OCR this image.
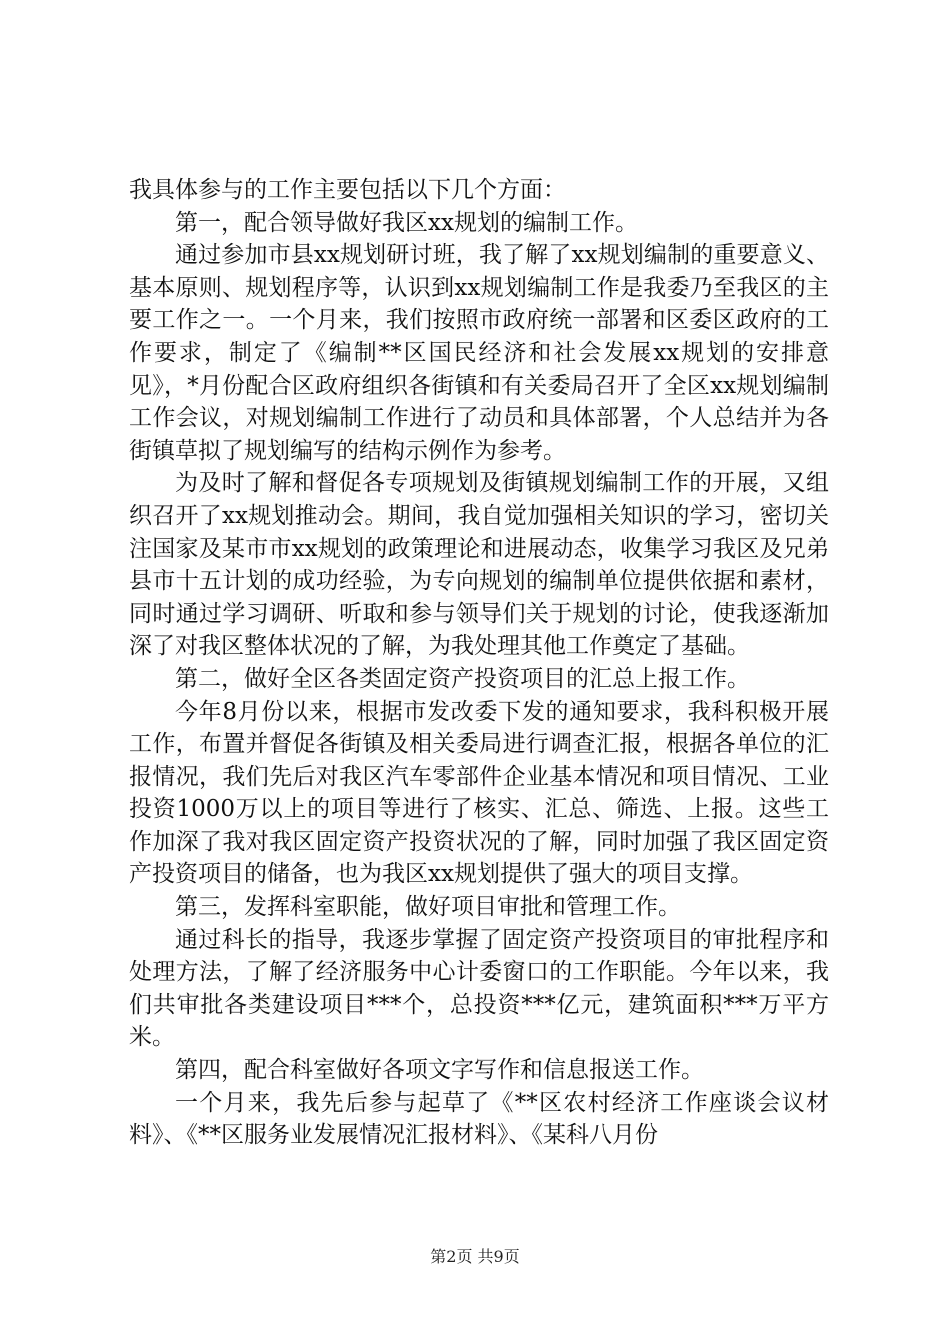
我具体参与的工作主要包括以下几个方面：

第一，配合领导做好我区xx规划的编制工作。

通过参加市县xx规划研讨班，我了解了xx规划编制的重要意义、基本原则、规划程序等，认识到xx规划编制工作是我委乃至我区的主要工作之一。一个月来，我们按照市政府统一部署和区委区政府的工作要求，制定了《编制**区国民经济和社会发展xx规划的安排意见》，*月份配合区政府组织各街镇和有关委局召开了全区xx规划编制工作会议，对规划编制工作进行了动员和具体部署，个人总结并为各街镇草拟了规划编写的结构示例作为参考。

为及时了解和督促各专项规划及街镇规划编制工作的开展，又组织召开了xx规划推动会。期间，我自觉加强相关知识的学习，密切关注国家及某市市xx规划的政策理论和进展动态，收集学习我区及兄弟县市十五计划的成功经验，为专向规划的编制单位提供依据和素材，同时通过学习调研、听取和参与领导们关于规划的讨论，使我逐渐加深了对我区整体状况的了解，为我处理其他工作奠定了基础。

第二，做好全区各类固定资产投资项目的汇总上报工作。

今年8月份以来，根据市发改委下发的通知要求，我科积极开展工作，布置并督促各街镇及相关委局进行调查汇报，根据各单位的汇报情况，我们先后对我区汽车零部件企业基本情况和项目情况、工业投资1000万以上的项目等进行了核实、汇总、筛选、上报。这些工作加深了我对我区固定资产投资状况的了解，同时加强了我区固定资产投资项目的储备，也为我区xx规划提供了强大的项目支撑。

第三，发挥科室职能，做好项目审批和管理工作。

通过科长的指导，我逐步掌握了固定资产投资项目的审批程序和处理方法，了解了经济服务中心计委窗口的工作职能。今年以来，我们共审批各类建设项目***个，总投资***亿元，建筑面积***万平方米。

第四，配合科室做好各项文字写作和信息报送工作。

一个月来，我先后参与起草了《**区农村经济工作座谈会议材料》、《**区服务业发展情况汇报材料》、《某科八月份

第2页 共9页
